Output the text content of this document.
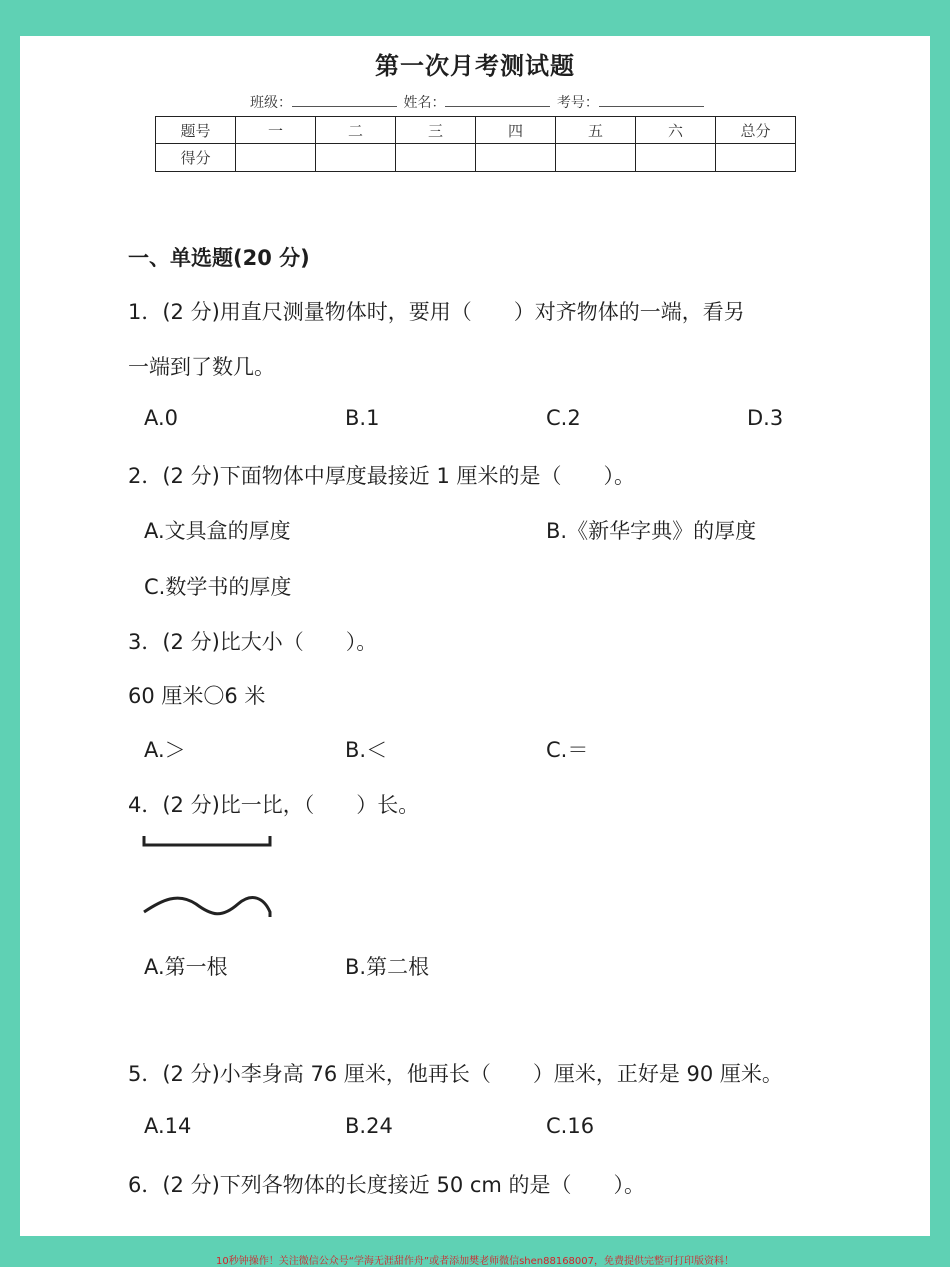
第一次月考测试题
班级：	姓名：	考号：
题号	一	二	三	四	五	六	总分
得分							
一、单选题(20 分)
1．(2 分)用直尺测量物体时，要用（　　）对齐物体的一端，看另
一端到了数几。
A.0	B.1	C.2	D.3
2．(2 分)下面物体中厚度最接近 1 厘米的是（　　）。
A.文具盒的厚度	B.《新华字典》的厚度
C.数学书的厚度
3．(2 分)比大小（　　）。
60 厘米〇6 米
A.＞	B.＜	C.＝
4．(2 分)比一比，（　　）长。
A.第一根	B.第二根
5．(2 分)小李身高 76 厘米，他再长（　　）厘米，正好是 90 厘米。
A.14	B.24	C.16
6．(2 分)下列各物体的长度接近 50 cm 的是（　　）。
10秒钟操作！关注微信公众号“学海无涯甜作舟”或者添加樊老师微信shen88168007，免费提供完整可打印版资料！
